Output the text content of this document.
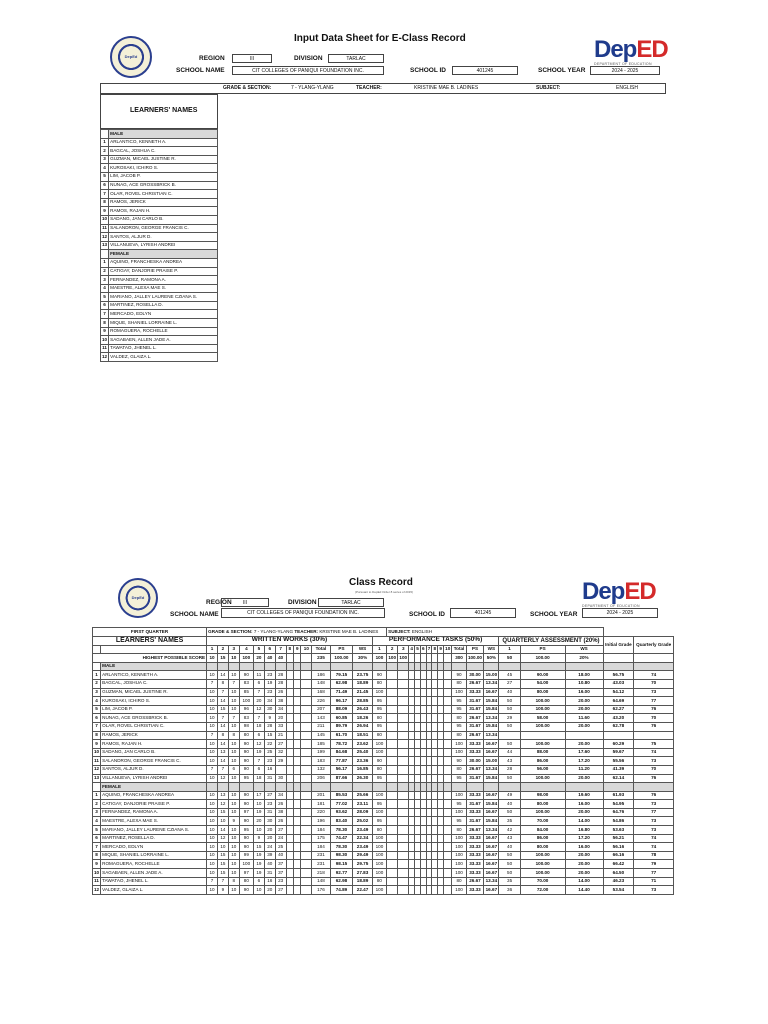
DepEd	DepED
DEPARTMENT OF EDUCATION
Input Data Sheet for E-Class Record
REGION	III	DIVISION	TARLAC
SCHOOL NAME	CIT COLLEGES OF PANIQUI FOUNDATION INC.	SCHOOL ID	401245	SCHOOL YEAR	2024 - 2025
GRADE & SECTION:	7 - YLANG-YLANG	TEACHER:	KRISTINE MAE B. LADINES	SUBJECT:	ENGLISH
LEARNERS' NAMES
	MALE
1	ARLANTICO, KENNETH A.
2	BAGCAL, JOSHUA C.
3	GUZMAN, MICAEL JUSTINE R.
4	KUROSAKI, ICHIRO S.
5	LIM, JACOB P.
6	NUNAG, ACE GROSSBRICK B.
7	OLAR, ROVEL CHRISTIAN C.
8	RAMOS, JERICK
9	RAMOS, RAJAN H.
10	SADANG, JAN CARLO B.
11	SALANDRON, GEORGE FRANCIS C.
12	SANTOS, ALJUR D.
13	VILLANUEVA, LYRISH ANDREI
	FEMALE
1	AQUINO, FRANCHESKA ANDREA
2	CATIGAY, DANJORIE PRAISE P.
3	FERNANDEZ, RAMONA A.
4	MAESTRE, ALEXA MAE S.
5	MARIANO, JALLEY LAURENE CZIANA S.
6	MARTINEZ, ROSELLA D.
7	MERCADO, EDLYN
8	MIQUE, SHANIEL LORRAINE L.
9	ROMAGUERA, ROCHELLE
10	SAGABAEN, ALLEN JADE A.
11	TAWATAO, JHENEL L.
12	VALDEZ, GLAIZA L.
DepEd	DepED
DEPARTMENT OF EDUCATION
Class Record
(Pursuant to DepEd Order 8 series of 2015)
REGION	III	DIVISION	TARLAC
SCHOOL NAME	CIT COLLEGES OF PANIQUI FOUNDATION INC.	SCHOOL ID	401245	SCHOOL YEAR	2024 - 2025
FIRST QUARTER		GRADE & SECTION: 7 - YLANG-YLANG TEACHER: KRISTINE MAE B. LADINES														SUBJECT: ENGLISH																
LEARNERS' NAMES		WRITTEN WORKS (30%)													PERFORMANCE TASKS (50%)													QUARTERLY ASSESSMENT (20%)			Initial Grade	Quarterly Grade

		1	2	3	4	5	6	7	8	9	10	Total	PS	WS	1	2	3	4	5	6	7	8	9	10	Total	PS	WS	1	PS	WS		
HIGHEST POSSIBLE SCORE		10	15	10	100	20	40	40				235	100.00	30%	100	100	100								300	100.00	50%	50	100.00	20%		
	MALE																															
1	ARLANTICO, KENNETH A.	10	14	10	90	11	23	28				186	79.15	23.75	90										90	30.00	15.00	45	90.00	18.00	56.75	74
2	BAGCAL, JOSHUA C.	7	8	7	83	6	19	28				148	62.98	18.89	80										80	26.67	13.34	27	54.00	10.80	43.03	70
3	GUZMAN, MICAEL JUSTINE R.	10	7	10	85	7	23	26				168	71.49	21.45	100										100	33.33	16.67	40	80.00	16.00	54.12	73
4	KUROSAKI, ICHIRO S.	10	14	10	100	20	34	38				226	96.17	28.85	95										95	31.67	15.84	50	100.00	20.00	64.69	77
5	LIM, JACOB P.	10	15	10	96	12	30	34				207	88.09	26.43	95										95	31.67	15.84	50	100.00	20.00	62.27	76
6	NUNAG, ACE GROSSBRICK B.	10	7	7	83	7	9	20				143	60.85	18.26	80										80	26.67	13.34	29	58.00	11.60	43.20	70
7	OLAR, ROVEL CHRISTIAN C.	10	14	10	98	18	28	33				211	89.79	26.94	95										95	31.67	15.84	50	100.00	20.00	62.78	76
8	RAMOS, JERICK	7	8	8	80	6	15	21				145	61.70	18.51	80										80	26.67	13.34					
9	RAMOS, RAJAN H.	10	14	10	90	12	22	27				185	78.72	23.62	100										100	33.33	16.67	50	100.00	20.00	60.29	75
10	SADANG, JAN CARLO B.	10	13	10	90	19	25	32				199	84.68	25.40	100										100	33.33	16.67	44	88.00	17.60	59.67	74
11	SALANDRON, GEORGE FRANCIS C.	10	14	10	90	7	23	29				183	77.87	23.36	90										90	30.00	15.00	43	86.00	17.20	55.56	73
12	SANTOS, ALJUR D.	7	7	6	90	6	16					132	56.17	16.85	80										80	26.67	13.34	28	56.00	11.20	41.39	70
13	VILLANUEVA, LYRISH ANDREI	10	12	10	95	18	31	30				206	87.66	26.30	95										95	31.67	15.84	50	100.00	20.00	62.14	76
	FEMALE																															
1	AQUINO, FRANCHESKA ANDREA	10	13	10	90	17	27	34				201	85.53	25.66	100										100	33.33	16.67	49	98.00	19.60	61.93	76
2	CATIGAY, DANJORIE PRAISE P.	10	12	10	90	10	23	26				181	77.02	23.11	95										95	31.67	15.84	40	80.00	16.00	54.95	73
3	FERNANDEZ, RAMONA A.	10	15	10	97	19	31	38				220	93.62	28.09	100										100	33.33	16.67	50	100.00	20.00	64.76	77
4	MAESTRE, ALEXA MAE S.	10	10	9	90	20	30	26				196	83.40	25.02	95										95	31.67	15.84	35	70.00	14.00	54.86	73
5	MARIANO, JALLEY LAURENE CZIANA S.	10	14	10	95	10	20	27				184	78.30	23.49	80										80	26.67	13.34	42	84.00	16.80	53.63	73
6	MARTINEZ, ROSELLA D.	10	12	10	90	9	20	24				175	74.47	22.34	100										100	33.33	16.67	43	86.00	17.20	56.21	74
7	MERCADO, EDLYN	10	10	10	90	15	24	25				184	78.30	23.49	100										100	33.33	16.67	40	80.00	16.00	56.16	74
8	MIQUE, SHANIEL LORRAINE L.	10	15	10	99	19	39	40				231	98.30	29.49	100										100	33.33	16.67	50	100.00	20.00	66.16	78
9	ROMAGUERA, ROCHELLE	10	15	10	100	19	40	37				231	98.15	29.75	100										100	33.33	16.67	50	100.00	20.00	66.42	79
10	SAGABAEN, ALLEN JADE A.	10	15	10	97	19	31	37				218	92.77	27.83	100										100	33.33	16.67	50	100.00	20.00	64.50	77
11	TAWATAO, JHENEL L.	7	7	8	80	6	16	23				148	62.98	18.89	80										80	26.67	13.34	35	70.00	14.00	46.23	71
12	VALDEZ, GLAIZA L.	10	9	10	90	10	20	27				176	74.89	22.47	100										100	33.33	16.67	36	72.00	14.40	53.54	73
